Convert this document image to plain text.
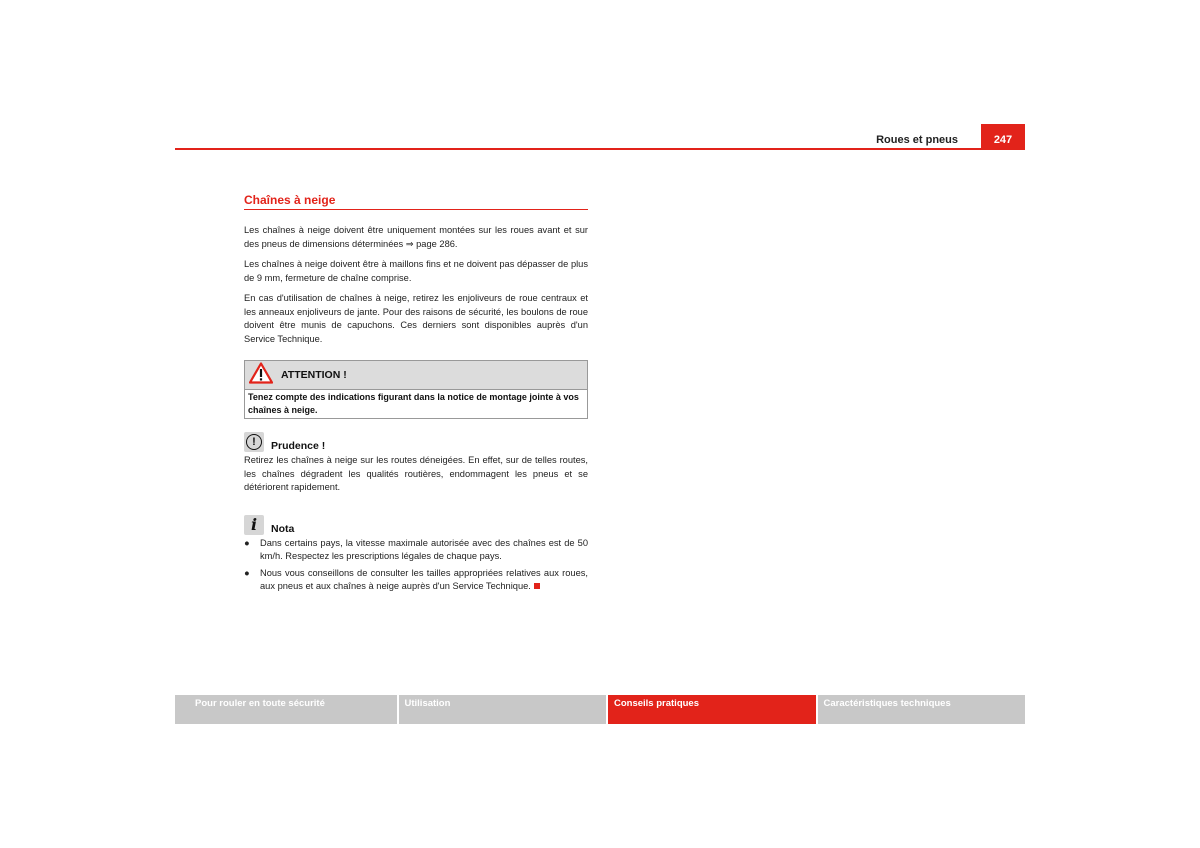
Roues et pneus	247
Chaînes à neige

Les chaînes à neige doivent être uniquement montées sur les roues avant et sur des pneus de dimensions déterminées ⇒ page 286.

Les chaînes à neige doivent être à maillons fins et ne doivent pas dépasser de plus de 9 mm, fermeture de chaîne comprise.

En cas d'utilisation de chaînes à neige, retirez les enjoliveurs de roue centraux et les anneaux enjoliveurs de jante. Pour des raisons de sécurité, les boulons de roue doivent être munis de capuchons. Ces derniers sont disponibles auprès d'un Service Technique.

ATTENTION !
Tenez compte des indications figurant dans la notice de montage jointe à vos chaînes à neige.
!	Prudence !

Retirez les chaînes à neige sur les routes déneigées. En effet, sur de telles routes, les chaînes dégradent les qualités routières, endommagent les pneus et se détériorent rapidement.

i Nota
●	Dans certains pays, la vitesse maximale autorisée avec des chaînes est de 50 km/h. Respectez les prescriptions légales de chaque pays.
●	Nous vous conseillons de consulter les tailles appropriées relatives aux roues, aux pneus et aux chaînes à neige auprès d'un Service Technique.
Pour rouler en toute sécurité	Utilisation	Conseils pratiques	Caractéristiques techniques
